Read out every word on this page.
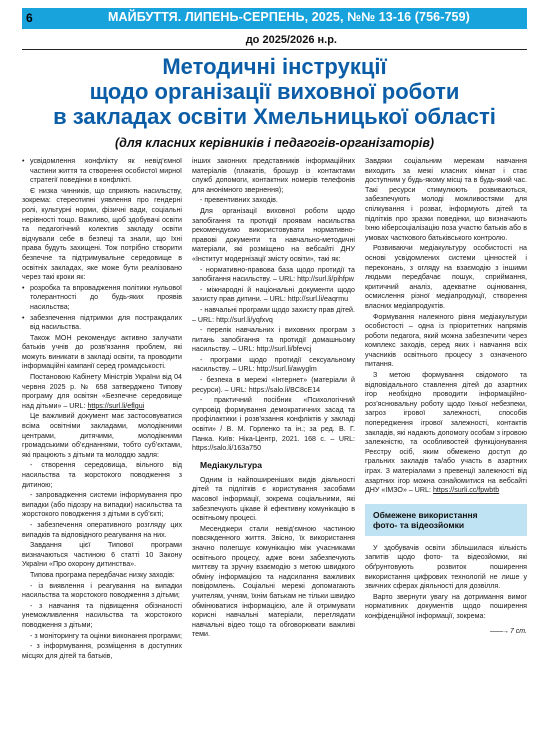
6	МАЙБУТТЯ. ЛИПЕНЬ-СЕРПЕНЬ, 2025, №№ 13-16 (756-759)
до 2025/2026 н.р.
Методичні інструкції
щодо організації виховної роботи
в закладах освіти Хмельницької області
(для класних керівників і педагогів-організаторів)

• усвідомлення конфлікту як невід’ємної частини життя та створення особистої мирної стратегії поведінки в конфлікті.

Є низка чинників, що сприяють насильству, зокрема: стереотипні уявлення про гендерні ролі, культурні норми, фізичні вади, соціальні нерівності тощо. Важливо, щоб здобувачі освіти та педагогічний колектив закладу освіти відчували себе в безпеці та знали, що їхні права будуть захищені. Тож потрібно створити безпечне та підтримувальне середовище в освітніх закладах, яке може бути реалізовано через такі кроки як:

• розробка та впровадження політики нульової толерантності до будь-яких проявів насильства;

• забезпечення підтримки для постраждалих від насильства.

Також МОН рекомендує активно залучати батьків учнів до розв’язання проблем, які можуть виникати в закладі освіти, та проводити інформаційні кампанії серед громадськості.

Постановою Кабінету Міністрів України від 04 червня 2025 р. № 658 затверджено Типову програму для освітян «Безпечне середовище над дітьми» – URL: https://surl.li/eflgui

Це важливий документ має застосовуватися всіма освітніми закладами, молодіжними центрами, дитячими, молодіжними громадськими об’єднаннями, тобто суб’єктами, які працюють з дітьми та молоддю задля:

- створення середовища, вільного від насильства та жорстокого поводження з дитиною;

- запровадження системи інформування про випадки (або підозру на випадки) насильства та жорстокого поводження з дітьми в суб’єкті;

- забезпечення оперативного розгляду цих випадків та відповідного реагування на них.

Завдання цієї Типової програми визначаються частиною 6 статті 10 Закону України «Про охорону дитинства».

Типова програма передбачає низку заходів:

- із виявлення і реагування на випадки насильства та жорстокого поводження з дітьми;

- з навчання та підвищення обізнаності унеможливлення насильства та жорстокого поводження з дітьми;

- з моніторингу та оцінки виконання програми;

- з інформування, розміщення в доступних місцях для дітей та батьків,

інших законних представників інформаційних матеріалів (плакатів, брошур із контактами служб допомоги, контактних номерів телефонів для анонімного звернення);

- превентивних заходів.

Для організації виховної роботи щодо запобігання та протидії проявам насильства рекомендуємо використовувати нормативно-правові документи та навчально-методичні матеріали, які розміщено на вебсайті ДНУ «Інститут модернізації змісту освіти», такі як:

- нормативно-правова база щодо протидії та запобігання насильству. – URL: http://surl.li/pihfpw

- міжнародні й національні документи щодо захисту прав дитини. – URL: http://surl.li/eaqrmu

- навчальні програми щодо захисту прав дітей. – URL: http://surl.li/yqfxvq

- перелік навчальних і виховних програм з питань запобігання та протидії домашньому насильству. – URL: http://surl.li/bfevcj

- програми щодо протидії сексуальному насильству. – URL: http://surl.li/awyglm

- безпека в мережі «Інтернет» (матеріали й ресурси). – URL: https://salo.li/BC8cE14

- практичний посібник «Психологічний супровід формування демократичних засад та профілактики і розв’язання конфліктів у закладі освіти» / В. М. Горленко та ін.; за ред. В. Г. Панка. Київ: Ніка-Центр, 2021. 168 с. – URL: https://salo.li/163a750

Медіакультура

Одним із найпоширеніших видів діяльності дітей та підлітків є користування засобами масової інформації, зокрема соціальними, які забезпечують цікаве й ефективну комунікацію в освітньому процесі.

Месенджери стали невід’ємною частиною повсякденного життя. Звісно, їх використання значно полегшує комунікацію між учасниками освітнього процесу, адже вони забезпечують миттєву та зручну взаємодію з метою швидкого обміну інформацією та надсилання важливих повідомлень. Соціальні мережі допомагають учителям, учням, їхнім батькам не тільки швидко обмінюватися інформацією, але й отримувати корисні навчальні матеріали, переглядати навчальні відео тощо та обговорювати важливі теми.

Завдяки соціальним мережам навчання виходить за межі класних кімнат і стає доступним у будь-якому місці та в будь-який час. Такі ресурси стимулюють розвиваються, забезпечують молоді можливостями для спілкування і розваг, інформують дітей та підлітків про зразки поведінки, що визначають їхню кіберсоціалізацію поза участю батьків або в умовах часткового батьківського контролю.

Розвиваючи медіакультуру особистості на основі усвідомлених системи цінностей і переконань, з огляду на взаємодію з іншими людьми передбачає пошук, сприймання, критичний аналіз, адекватне оцінювання, осмислення різної медіапродукції, створення власних медіапродуктів.

Формування належного рівня медіакультури особистості – одна із пріоритетних напрямів роботи педагога, який можна забезпечити через комплекс заходів, серед яких і навчання всіх учасників освітнього процесу з означеного питання.

З метою формування свідомого та відповідального ставлення дітей до азартних ігор необхідно проводити інформаційно-роз’яснювальну роботу щодо їхньої небезпеки, загроз ігрової залежності, способів попередження ігрової залежності, контактів закладів, які надають допомогу особам з ігровою залежністю, та особливостей функціонування Реєстру осіб, яким обмежено доступ до гральних закладів та/або участь в азартних іграх. З матеріалами з превенції залежності від азартних ігор можна ознайомитися на вебсайті ДНУ «ІМЗО» – URL: https://surli.cc/fpwbtb

Обмежене використання
фото- та відеозйомки

У здобувачів освіти збільшилася кількість запитів щодо фото- та відеозйомки, які обґрунтовують розвиток поширення використання цифрових технологій не лише у звичних сферах діяльності для дозвілля.

Варто звернути увагу на дотримання вимог нормативних документів щодо поширення конфіденційної інформації, зокрема:

——→ 7 ст.
